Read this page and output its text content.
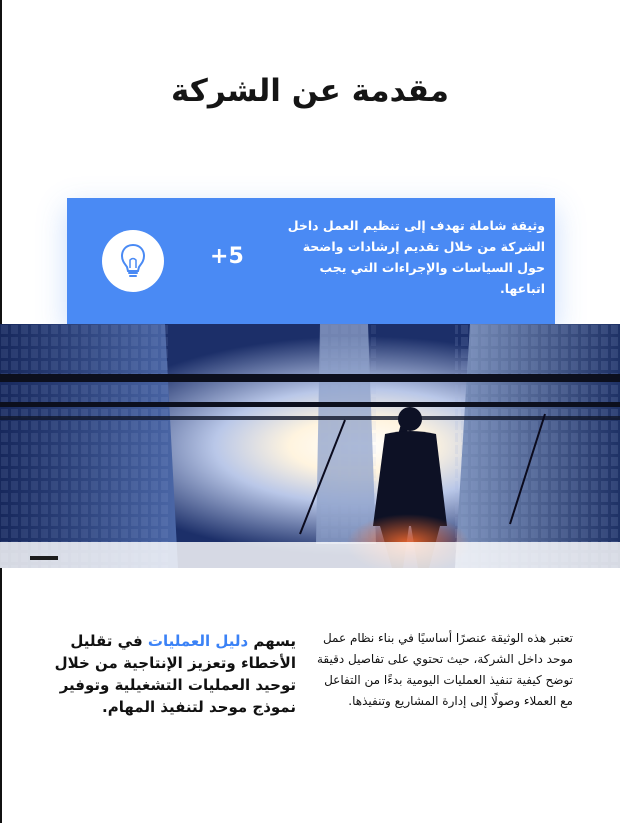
مقدمة عن الشركة
وثيقة شاملة تهدف إلى تنظيم العمل داخل الشركة من خلال تقديم إرشادات واضحة حول السياسات والإجراءات التي يجب اتباعها.
5+
تعتبر هذه الوثيقة عنصرًا أساسيًا في بناء نظام عمل موحد داخل الشركة، حيث تحتوي على تفاصيل دقيقة توضح كيفية تنفيذ العمليات اليومية بدءًا من التفاعل مع العملاء وصولًا إلى إدارة المشاريع وتنفيذها.
يسهم دليل العمليات في تقليل الأخطاء وتعزيز الإنتاجية من خلال توحيد العمليات التشغيلية وتوفير نموذج موحد لتنفيذ المهام.
